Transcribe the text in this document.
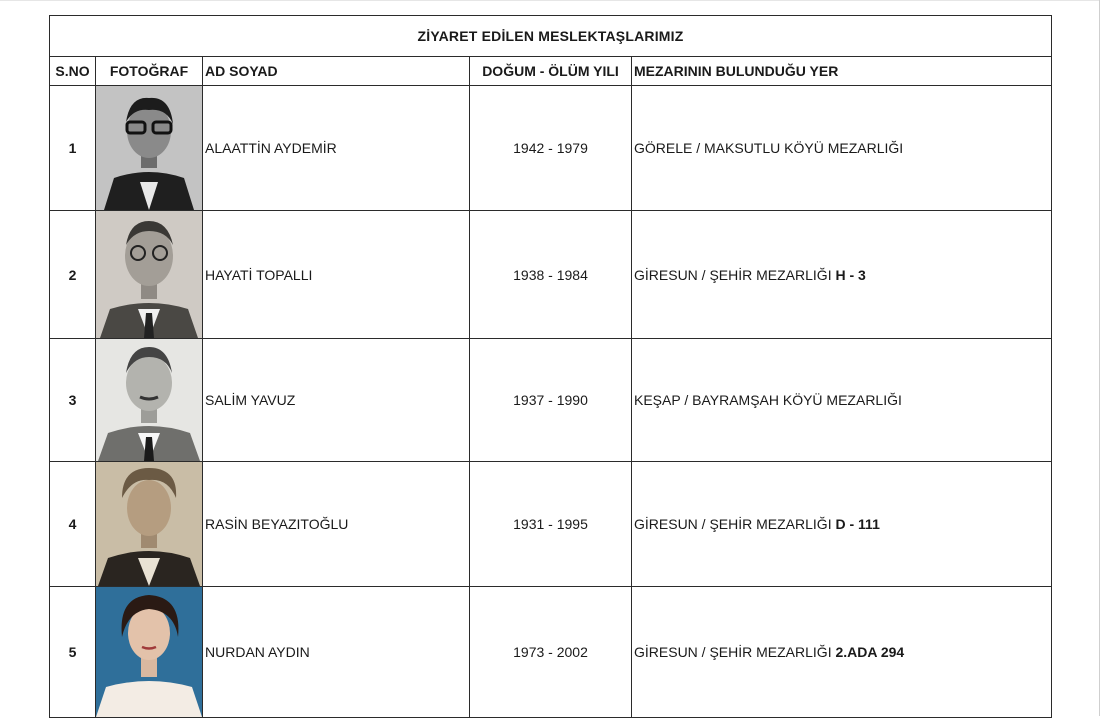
ZİYARET EDİLEN MESLEKTAŞLARIMIZ				
S.NO	FOTOĞRAF	AD SOYAD	DOĞUM - ÖLÜM YILI	MEZARININ BULUNDUĞU YER
1		ALAATTİN AYDEMİR	1942 - 1979	GÖRELE / MAKSUTLU KÖYÜ MEZARLIĞI
2		HAYATİ TOPALLI	1938 - 1984	GİRESUN / ŞEHİR MEZARLIĞI H - 3
3		SALİM YAVUZ	1937 - 1990	KEŞAP / BAYRAMŞAH KÖYÜ MEZARLIĞI
4		RASİN BEYAZITOĞLU	1931 - 1995	GİRESUN / ŞEHİR MEZARLIĞI D - 111
5		NURDAN AYDIN	1973 - 2002	GİRESUN / ŞEHİR MEZARLIĞI 2.ADA 294
